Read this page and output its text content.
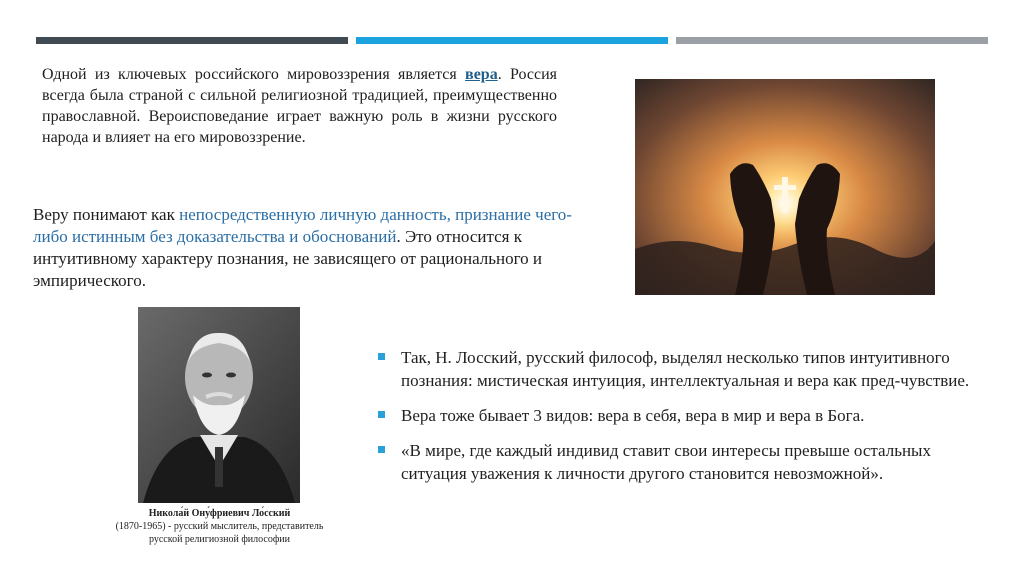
Одной из ключевых российского мировоззрения является вера. Россия всегда была страной с сильной религиозной традицией, преимущественно православной. Вероисповедание играет важную роль в жизни русского народа и влияет на его мировоззрение.
Веру понимают как непосредственную личную данность, признание чего-либо истинным без доказательства и обоснований. Это относится к интуитивному характеру познания, не зависящего от рационального и эмпирического.
Никола́й Ону́фриевич Ло́сский
(1870-1965) - русский мыслитель, представитель русской религиозной философии
Так, Н. Лосский, русский философ, выделял несколько типов интуитивного познания: мистическая интуиция, интеллектуальная и вера как пред-чувствие.
Вера тоже бывает 3 видов: вера в себя, вера в мир и вера в Бога.
«В мире, где каждый индивид ставит свои интересы превыше остальных ситуация уважения к личности другого становится невозможной».
